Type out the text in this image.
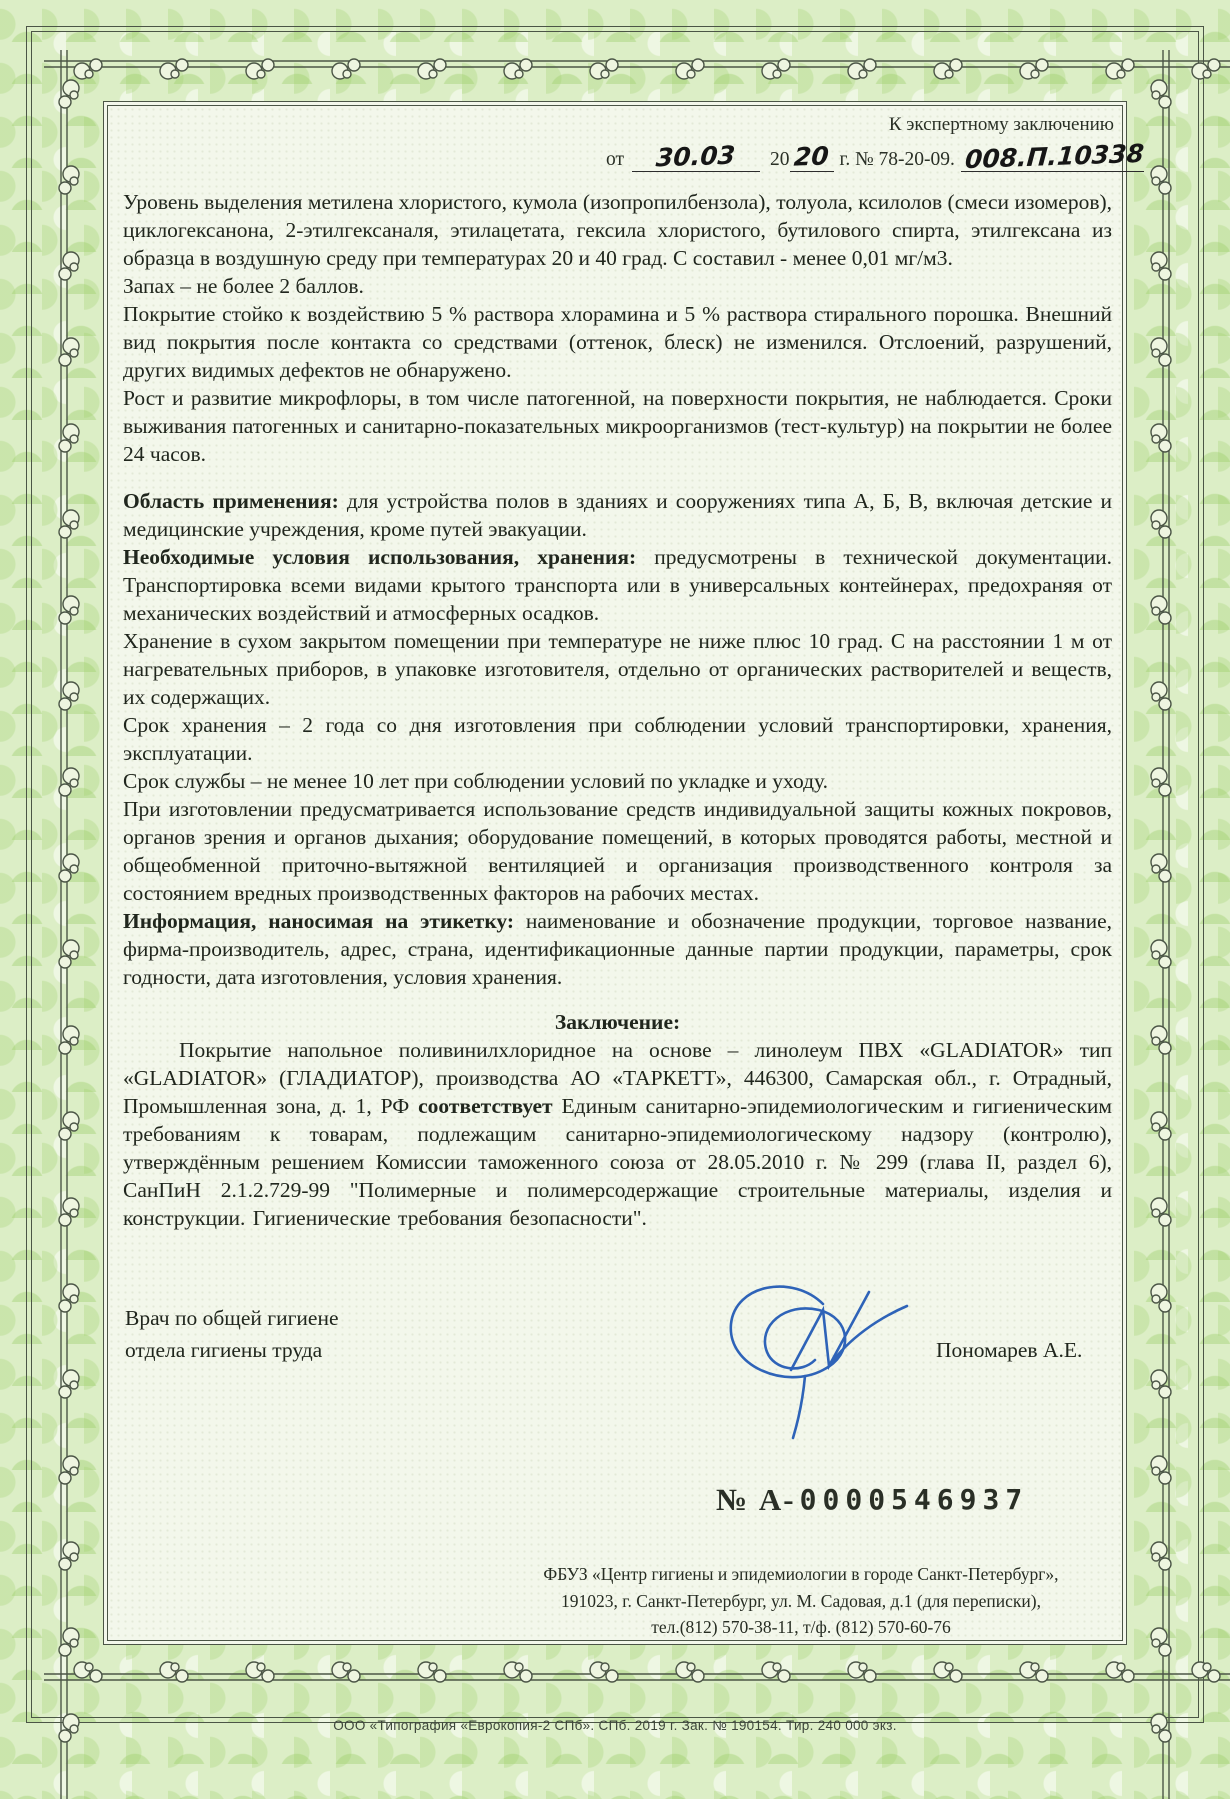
К экспертному заключению
от	30.03	20 20 г. №
78-20-09. 008.П.10338

Уровень выделения метилена хлористого, кумола (изопропилбензола), толуола, ксилолов (смеси изомеров), циклогексанона, 2-этилгексаналя, этилацетата, гексила хлористого, бутилового спирта, этилгексана из образца в воздушную среду при температурах 20 и 40 град. С составил - менее 0,01 мг/м3.

Запах – не более 2 баллов.

Покрытие стойко к воздействию 5 % раствора хлорамина и 5 % раствора стирального порошка. Внешний вид покрытия после контакта со средствами (оттенок, блеск) не изменился. Отслоений, разрушений, других видимых дефектов не обнаружено.

Рост и развитие микрофлоры, в том числе патогенной, на поверхности покрытия, не наблюдается. Сроки выживания патогенных и санитарно-показательных микроорганизмов (тест-культур) на покрытии не более 24 часов.

Область применения: для устройства полов в зданиях и сооружениях типа А, Б, В, включая детские и медицинские учреждения, кроме путей эвакуации.

Необходимые условия использования, хранения: предусмотрены в технической документации. Транспортировка всеми видами крытого транспорта или в универсальных контейнерах, предохраняя от механических воздействий и атмосферных осадков.

Хранение в сухом закрытом помещении при температуре не ниже плюс 10 град. С на расстоянии 1 м от нагревательных приборов, в упаковке изготовителя, отдельно от органических растворителей и веществ, их содержащих.

Срок хранения – 2 года со дня изготовления при соблюдении условий транспортировки, хранения, эксплуатации.

Срок службы – не менее 10 лет при соблюдении условий по укладке и уходу.

При изготовлении предусматривается использование средств индивидуальной защиты кожных покровов, органов зрения и органов дыхания; оборудование помещений, в которых проводятся работы, местной и общеобменной приточно-вытяжной вентиляцией и организация производственного контроля за состоянием вредных производственных факторов на рабочих местах.

Информация, наносимая на этикетку: наименование и обозначение продукции, торговое название, фирма-производитель, адрес, страна, идентификационные данные партии продукции, параметры, срок годности, дата изготовления, условия хранения.

Заключение:

Покрытие напольное поливинилхлоридное на основе – линолеум ПВХ «GLADIATOR» тип «GLADIATOR» (ГЛАДИАТОР), производства АО «ТАРКЕТТ», 446300, Самарская обл., г. Отрадный, Промышленная зона, д. 1, РФ соответствует Единым санитарно-эпидемиологическим и гигиеническим требованиям к товарам, подлежащим санитарно-эпидемиологическому надзору (контролю), утверждённым решением Комиссии таможенного союза от 28.05.2010 г. № 299 (глава II, раздел 6), СанПиН 2.1.2.729-99 "Полимерные и полимерсодержащие строительные материалы, изделия и конструкции. Гигиенические требования безопасности".

Врач по общей гигиене
отдела гигиены труда	Пономарев А.Е.
№ А- 0000546937
ФБУЗ «Центр гигиены и эпидемиологии в городе Санкт-Петербург»,
191023, г. Санкт-Петербург, ул. М. Садовая, д.1 (для переписки),
тел.(812) 570-38-11, т/ф. (812) 570-60-76
ООО «Типография «Еврокопия-2 СПб». СПб. 2019 г. Зак. № 190154. Тир. 240 000 экз.
